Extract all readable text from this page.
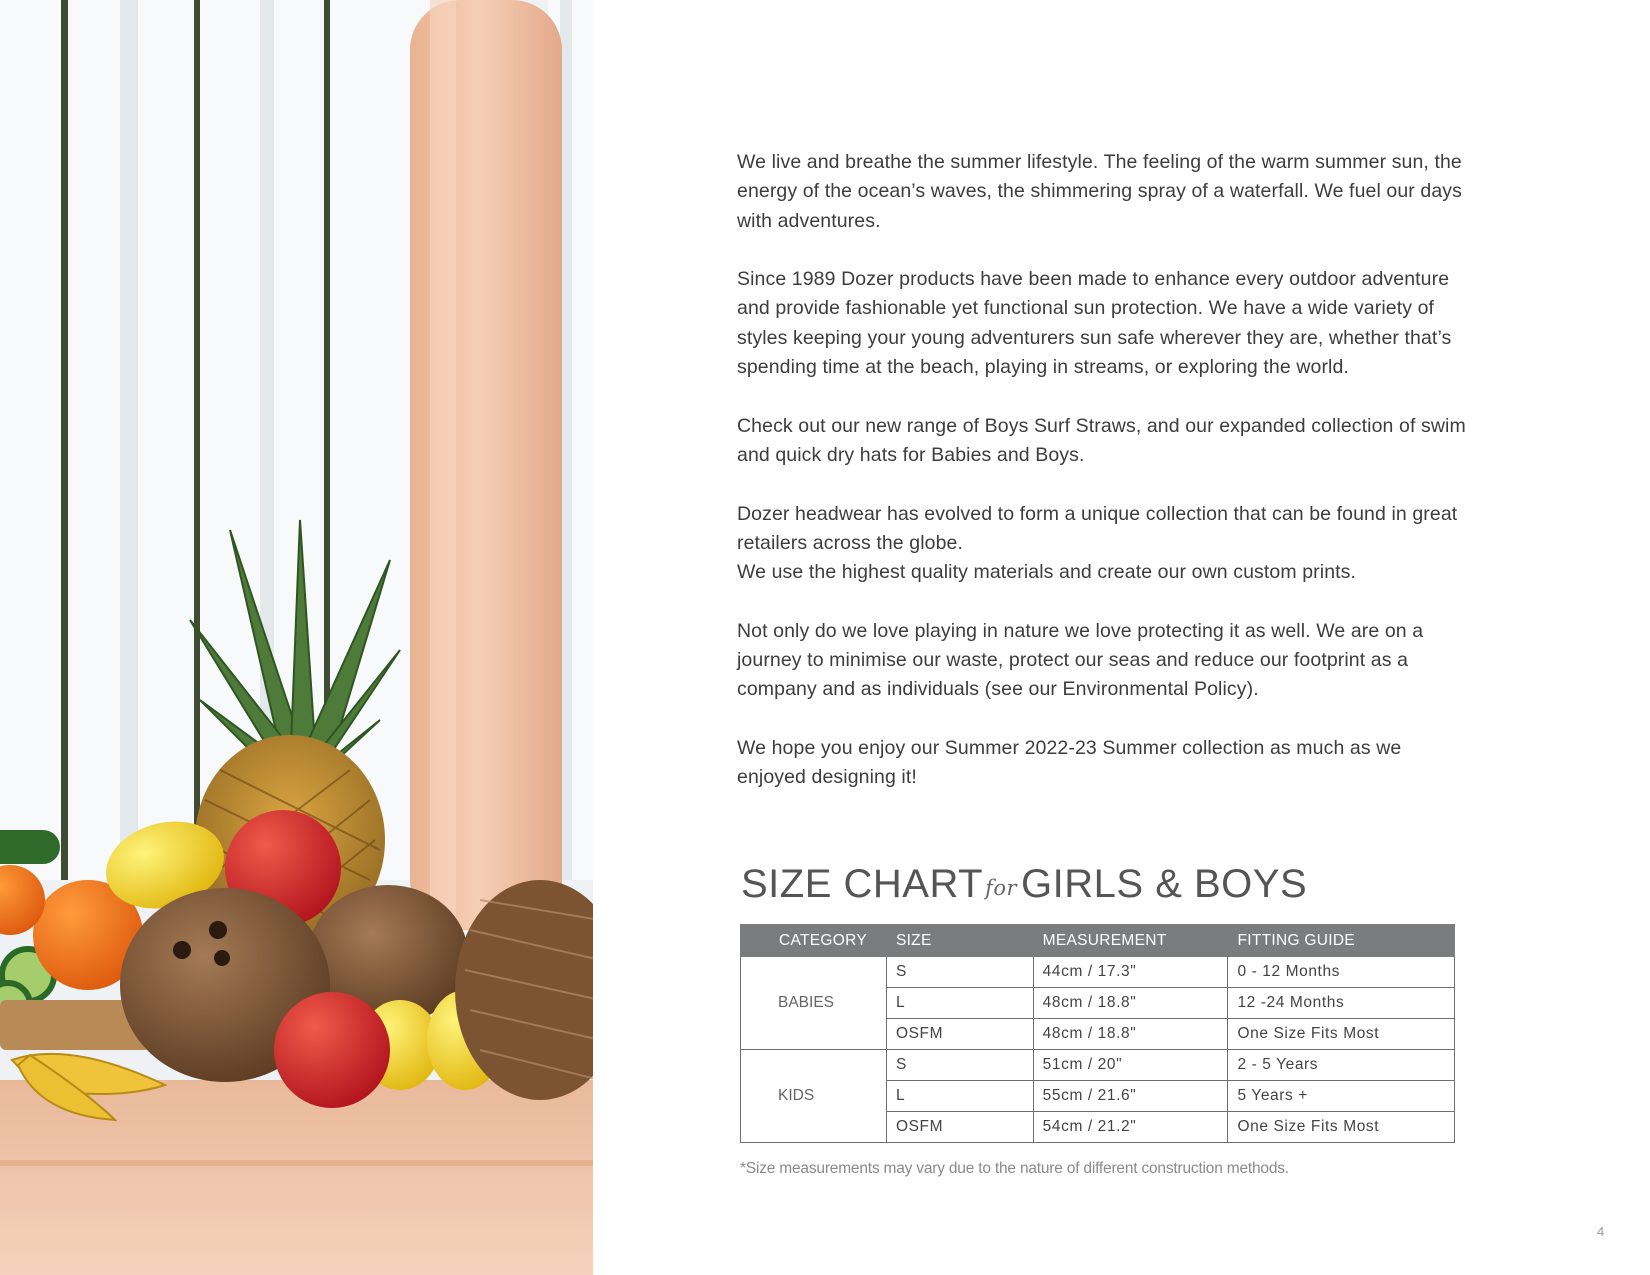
We live and breathe the summer lifestyle. The feeling of the warm summer sun, the energy of the ocean’s waves, the shimmering spray of a waterfall. We fuel our days with adventures.

Since 1989 Dozer products have been made to enhance every outdoor adventure and provide fashionable yet functional sun protection. We have a wide variety of styles keeping your young adventurers sun safe wherever they are, whether that’s spending time at the beach, playing in streams, or exploring the world.

Check out our new range of Boys Surf Straws, and our expanded collection of swim and quick dry hats for Babies and Boys.

Dozer headwear has evolved to form a unique collection that can be found in great retailers across the globe.

We use the highest quality materials and create our own custom prints.

Not only do we love playing in nature we love protecting it as well. We are on a journey to minimise our waste, protect our seas and reduce our footprint as a company and as individuals (see our Environmental Policy).

We hope you enjoy our Summer 2022-23 Summer collection as much as we enjoyed designing it!

SIZE CHARTfor GIRLS & BOYS
CATEGORY	SIZE	MEASUREMENT	FITTING GUIDE
BABIES	S	44cm / 17.3"	0 - 12 Months
	L	48cm / 18.8"	12 -24 Months
	OSFM	48cm / 18.8"	One Size Fits Most
KIDS	S	51cm / 20"	2 - 5 Years
	L	55cm / 21.6"	5 Years +
	OSFM	54cm / 21.2"	One Size Fits Most
*Size measurements may vary due to the nature of different construction methods.
4
